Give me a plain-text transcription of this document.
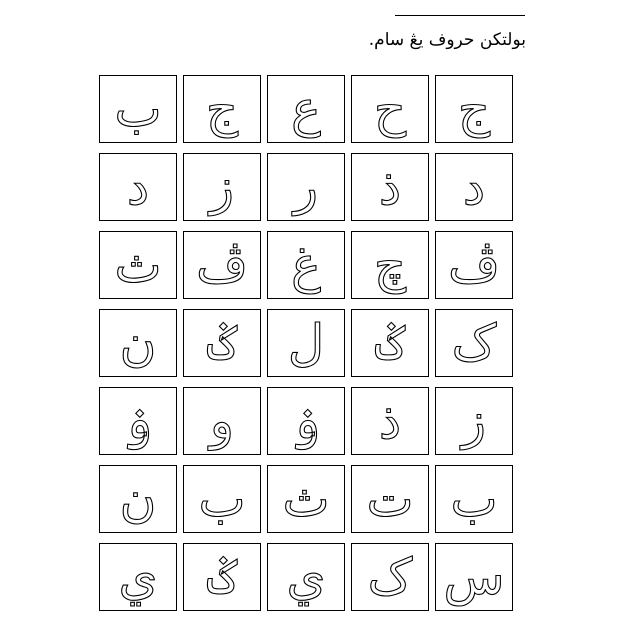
بولتکن حروف يڠ سام.
ج
ح
ع
ج
ب
د
ذ
ر
ز
د
ڤ
چ
غ
ڤ
ث
ک
ݢ
ل
ݢ
ن
ز
ذ
ۏ
و
ۏ
ب
ت
ث
ب
ن
س
ک
ي
ݢ
ي
